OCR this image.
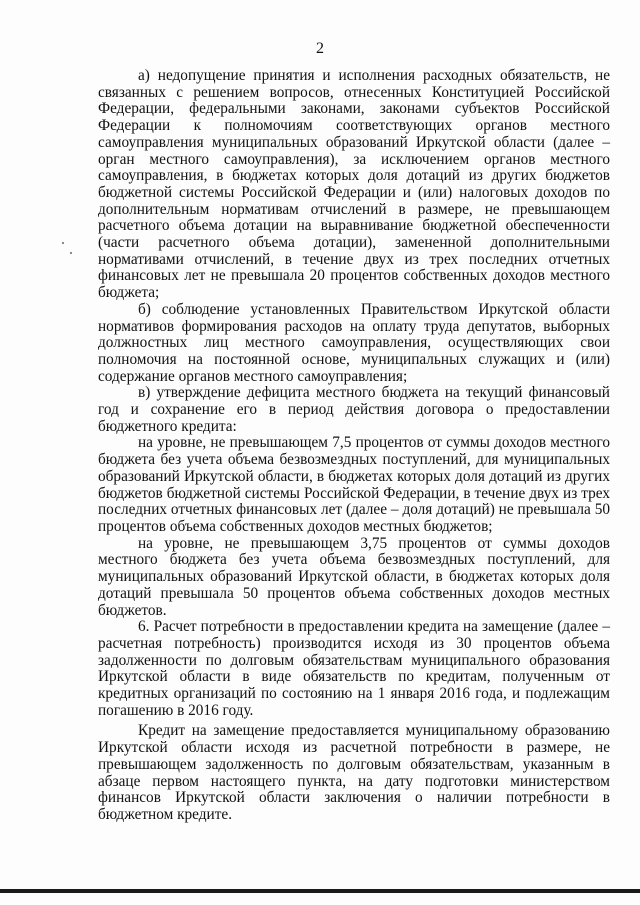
2

а) недопущение принятия и исполнения расходных обязательств, не связанных с решением вопросов, отнесенных Конституцией Российской Федерации, федеральными законами, законами субъектов Российской Федерации к полномочиям соответствующих органов местного самоуправления муниципальных образований Иркутской области (далее – орган местного самоуправления), за исключением органов местного самоуправления, в бюджетах которых доля дотаций из других бюджетов бюджетной системы Российской Федерации и (или) налоговых доходов по дополнительным нормативам отчислений в размере, не превышающем расчетного объема дотации на выравнивание бюджетной обеспеченности (части расчетного объема дотации), замененной дополнительными нормативами отчислений, в течение двух из трех последних отчетных финансовых лет не превышала 20 процентов собственных доходов местного бюджета;

б) соблюдение установленных Правительством Иркутской области нормативов формирования расходов на оплату труда депутатов, выборных должностных лиц местного самоуправления, осуществляющих свои полномочия на постоянной основе, муниципальных служащих и (или) содержание органов местного самоуправления;

в) утверждение дефицита местного бюджета на текущий финансовый год и сохранение его в период действия договора о предоставлении бюджетного кредита:

на уровне, не превышающем 7,5 процентов от суммы доходов местного бюджета без учета объема безвозмездных поступлений, для муниципальных образований Иркутской области, в бюджетах которых доля дотаций из других бюджетов бюджетной системы Российской Федерации, в течение двух из трех последних отчетных финансовых лет (далее – доля дотаций) не превышала 50 процентов объема собственных доходов местных бюджетов;

на уровне, не превышающем 3,75 процентов от суммы доходов местного бюджета без учета объема безвозмездных поступлений, для муниципальных образований Иркутской области, в бюджетах которых доля дотаций превышала 50 процентов объема собственных доходов местных бюджетов.

6. Расчет потребности в предоставлении кредита на замещение (далее – расчетная потребность) производится исходя из 30 процентов объема задолженности по долговым обязательствам муниципального образования Иркутской области в виде обязательств по кредитам, полученным от кредитных организаций по состоянию на 1 января 2016 года, и подлежащим погашению в 2016 году.

Кредит на замещение предоставляется муниципальному образованию Иркутской области исходя из расчетной потребности в размере, не превышающем задолженность по долговым обязательствам, указанным в абзаце первом настоящего пункта, на дату подготовки министерством финансов Иркутской области заключения о наличии потребности в бюджетном кредите.
